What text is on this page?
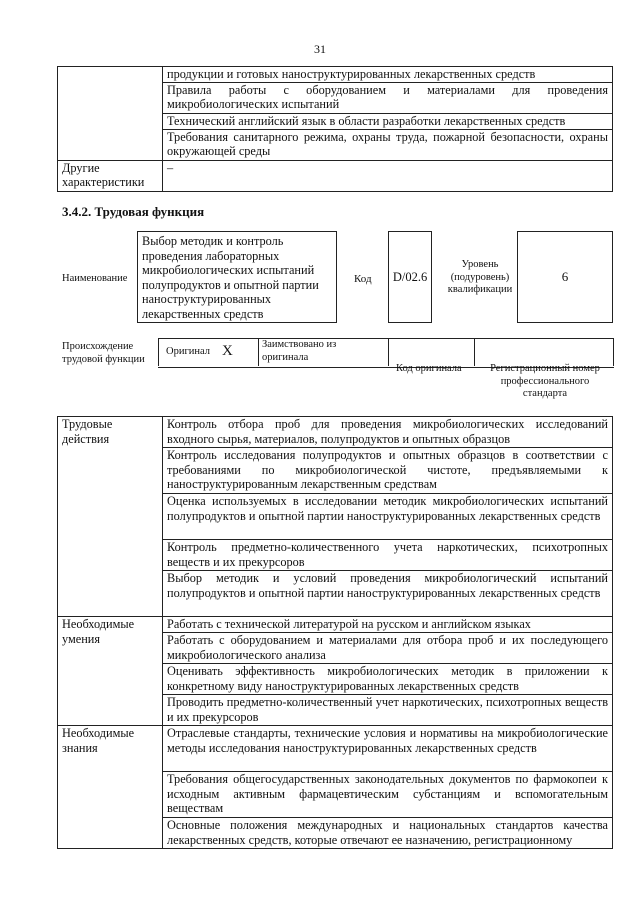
31
	продукции и готовых наноструктурированных лекарственных средств
	Правила работы с оборудованием и материалами для проведения микробиологических испытаний
	Технический английский язык в области разработки лекарственных средств
	Требования санитарного режима, охраны труда, пожарной безопасности, охраны окружающей среды
Другие характеристики	–
3.4.2. Трудовая функция
Наименование
Выбор методик и контроль проведения лабораторных микробиологических испытаний полупродуктов и опытной партии наноструктурированных лекарственных средств
Код	D/02.6
Уровень (подуровень) квалификации
6
Происхождение трудовой функции
Оригинал X	Заимствовано из оригинала
Код оригинала	Регистрационный номер профессионального стандарта
Трудовые действия	Контроль отбора проб для проведения микробиологических исследований входного сырья, материалов, полупродуктов и опытных образцов
	Контроль исследования полупродуктов и опытных образцов в соответствии с требованиями по микробиологической чистоте, предъявляемыми к наноструктурированным лекарственным средствам
	Оценка используемых в исследовании методик микробиологических испытаний полупродуктов и опытной партии наноструктурированных лекарственных средств
	Контроль предметно-количественного учета наркотических, психотропных веществ и их прекурсоров
	Выбор методик и условий проведения микробиологический испытаний полупродуктов и опытной партии наноструктурированных лекарственных средств
Необходимые умения	Работать с технической литературой на русском и английском языках
	Работать с оборудованием и материалами для отбора проб и их последующего микробиологического анализа
	Оценивать эффективность микробиологических методик в приложении к конкретному виду наноструктурированных лекарственных средств
	Проводить предметно-количественный учет наркотических, психотропных веществ и их прекурсоров
Необходимые знания	Отраслевые стандарты, технические условия и нормативы на микробиологические методы исследования наноструктурированных лекарственных средств
	Требования общегосударственных законодательных документов по фармокопеи к исходным активным фармацевтическим субстанциям и вспомогательным веществам
	Основные положения международных и национальных стандартов качества лекарственных средств, которые отвечают ее назначению, регистрационному
